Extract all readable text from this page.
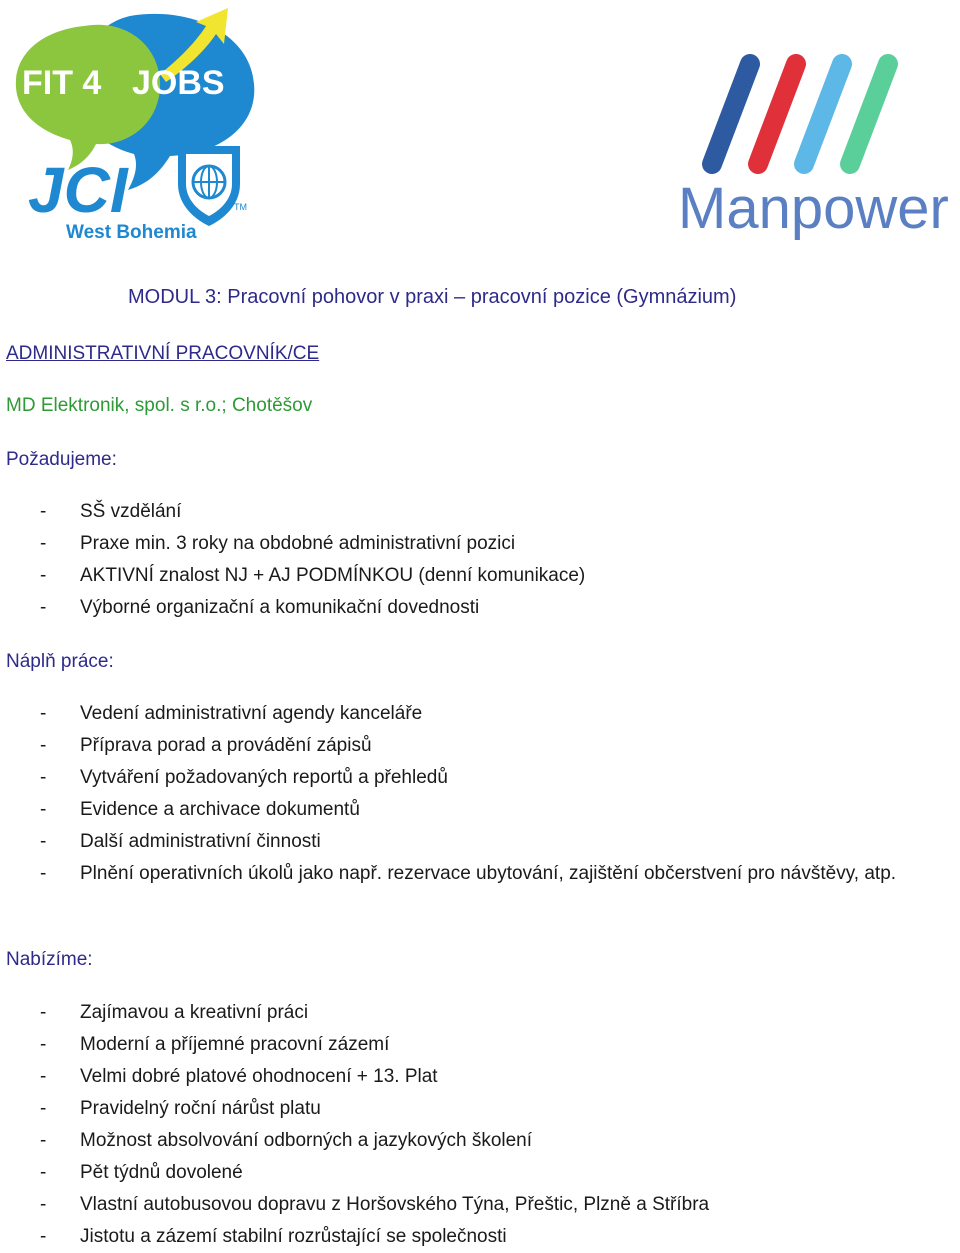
FIT 4 JOBS
JCI	TM
West Bohemia	Manpower
MODUL 3: Pracovní pohovor v praxi – pracovní pozice (Gymnázium)
ADMINISTRATIVNÍ PRACOVNÍK/CE
MD Elektronik, spol. s r.o.; Chotěšov
Požadujeme:
- SŠ vzdělání
- Praxe min. 3 roky na obdobné administrativní pozici
- AKTIVNÍ znalost NJ + AJ PODMÍNKOU (denní komunikace)
- Výborné organizační a komunikační dovednosti
Náplň práce:
- Vedení administrativní agendy kanceláře
- Příprava porad a provádění zápisů
- Vytváření požadovaných reportů a přehledů
- Evidence a archivace dokumentů
- Další administrativní činnosti
- Plnění operativních úkolů jako např. rezervace ubytování, zajištění občerstvení pro návštěvy, atp.
Nabízíme:
- Zajímavou a kreativní práci
- Moderní a příjemné pracovní zázemí
- Velmi dobré platové ohodnocení + 13. Plat
- Pravidelný roční nárůst platu
- Možnost absolvování odborných a jazykových školení
- Pět týdnů dovolené
- Vlastní autobusovou dopravu z Horšovského Týna, Přeštic, Plzně a Stříbra
- Jistotu a zázemí stabilní rozrůstající se společnosti
